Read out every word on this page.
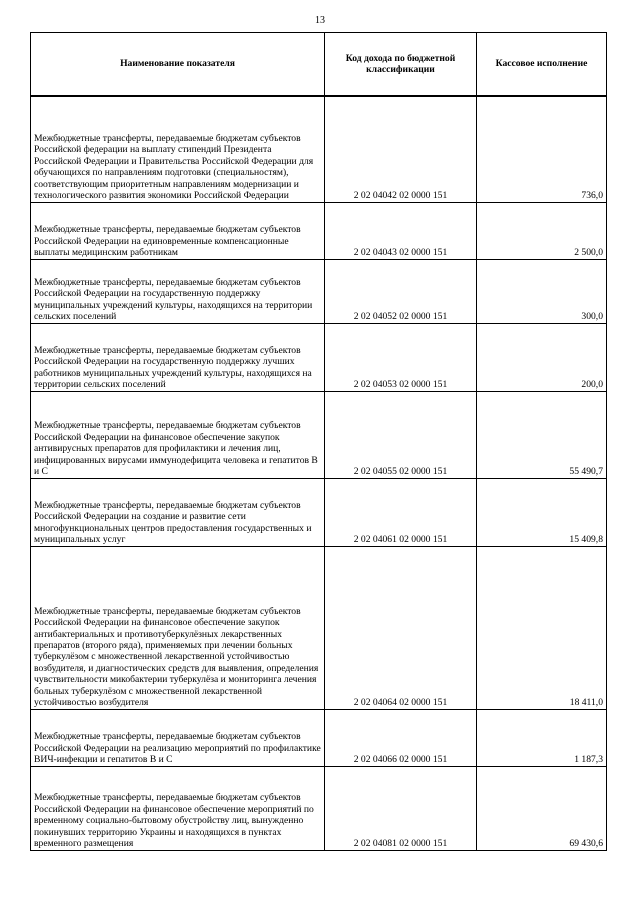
13
Наименование показателя	Код дохода по бюджетной классификации	Кассовое исполнение
Межбюджетные трансферты, передаваемые бюджетам субъектов Российской федерации на выплату стипендий Президента Российской Федерации и Правительства Российской Федерации для обучающихся по направлениям подготовки (специальностям), соответствующим приоритетным направлениям модернизации и технологического развития экономики Российской Федерации	2 02 04042 02 0000 151	736,0
Межбюджетные трансферты, передаваемые бюджетам субъектов Российской Федерации на единовременные компенсационные выплаты медицинским работникам	2 02 04043 02 0000 151	2 500,0
Межбюджетные трансферты, передаваемые бюджетам субъектов Российской Федерации на государственную поддержку муниципальных учреждений культуры, находящихся на территории сельских поселений	2 02 04052 02 0000 151	300,0
Межбюджетные трансферты, передаваемые бюджетам субъектов Российской Федерации на государственную поддержку лучших работников муниципальных учреждений культуры, находящихся на территории сельских поселений	2 02 04053 02 0000 151	200,0
Межбюджетные трансферты, передаваемые бюджетам субъектов Российской Федерации на финансовое обеспечение закупок антивирусных препаратов для профилактики и лечения лиц, инфицированных вирусами иммунодефицита человека и гепатитов В и С	2 02 04055 02 0000 151	55 490,7
Межбюджетные трансферты, передаваемые бюджетам субъектов Российской Федерации на создание и развитие сети многофункциональных центров предоставления государственных и муниципальных услуг	2 02 04061 02 0000 151	15 409,8
Межбюджетные трансферты, передаваемые бюджетам субъектов Российской Федерации на финансовое обеспечение закупок антибактериальных и противотуберкулёзных лекарственных препаратов (второго ряда), применяемых при лечении больных туберкулёзом с множественной лекарственной устойчивостью возбудителя, и диагностических средств для выявления, определения чувствительности микобактерии туберкулёза и мониторинга лечения больных туберкулёзом с множественной лекарственной устойчивостью возбудителя	2 02 04064 02 0000 151	18 411,0
Межбюджетные трансферты, передаваемые бюджетам субъектов Российской Федерации на реализацию мероприятий по профилактике ВИЧ-инфекции и гепатитов В и С	2 02 04066 02 0000 151	1 187,3
Межбюджетные трансферты, передаваемые бюджетам субъектов Российской Федерации на финансовое обеспечение мероприятий по временному социально-бытовому обустройству лиц, вынужденно покинувших территорию Украины и находящихся в пунктах временного размещения	2 02 04081 02 0000 151	69 430,6
